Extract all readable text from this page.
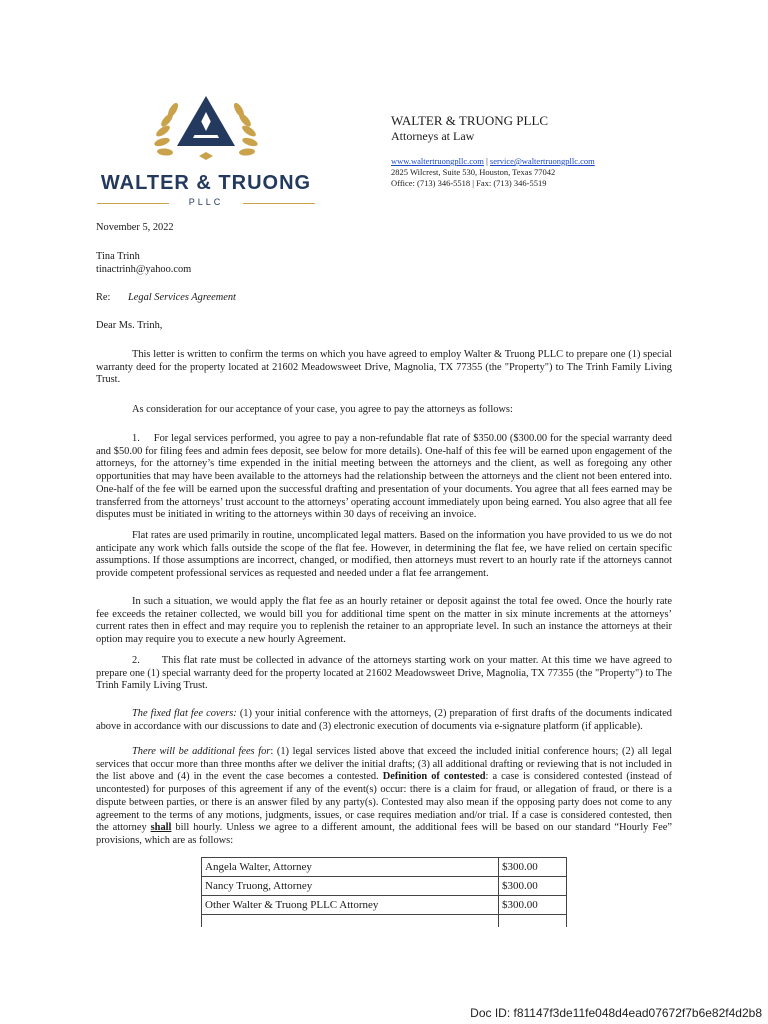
WALTER & TRUONG
PLLC
WALTER & TRUONG PLLC
Attorneys at Law
www.waltertruongpllc.com | service@waltertruongpllc.com
2825 Wilcrest, Suite 530, Houston, Texas 77042
Office: (713) 346-5518 | Fax: (713) 346-5519
November 5, 2022
Tina Trinh
tinactrinh@yahoo.com
Re: Legal Services Agreement
Dear Ms. Trinh,
This letter is written to confirm the terms on which you have agreed to employ Walter & Truong PLLC to prepare one (1) special warranty deed for the property located at 21602 Meadowsweet Drive, Magnolia, TX 77355 (the "Property") to The Trinh Family Living Trust.
As consideration for our acceptance of your case, you agree to pay the attorneys as follows:
1. For legal services performed, you agree to pay a non-refundable flat rate of $350.00 ($300.00 for the special warranty deed and $50.00 for filing fees and admin fees deposit, see below for more details). One-half of this fee will be earned upon engagement of the attorneys, for the attorney’s time expended in the initial meeting between the attorneys and the client, as well as foregoing any other opportunities that may have been available to the attorneys had the relationship between the attorneys and the client not been entered into. One-half of the fee will be earned upon the successful drafting and presentation of your documents. You agree that all fees earned may be transferred from the attorneys’ trust account to the attorneys’ operating account immediately upon being earned. You also agree that all fee disputes must be initiated in writing to the attorneys within 30 days of receiving an invoice.
Flat rates are used primarily in routine, uncomplicated legal matters. Based on the information you have provided to us we do not anticipate any work which falls outside the scope of the flat fee. However, in determining the flat fee, we have relied on certain specific assumptions. If those assumptions are incorrect, changed, or modified, then attorneys must revert to an hourly rate if the attorneys cannot provide competent professional services as requested and needed under a flat fee arrangement.
In such a situation, we would apply the flat fee as an hourly retainer or deposit against the total fee owed. Once the hourly rate fee exceeds the retainer collected, we would bill you for additional time spent on the matter in six minute increments at the attorneys’ current rates then in effect and may require you to replenish the retainer to an appropriate level. In such an instance the attorneys at their option may require you to execute a new hourly Agreement.
2. This flat rate must be collected in advance of the attorneys starting work on your matter. At this time we have agreed to prepare one (1) special warranty deed for the property located at 21602 Meadowsweet Drive, Magnolia, TX 77355 (the "Property") to The Trinh Family Living Trust.
The fixed flat fee covers: (1) your initial conference with the attorneys, (2) preparation of first drafts of the documents indicated above in accordance with our discussions to date and (3) electronic execution of documents via e-signature platform (if applicable).
There will be additional fees for: (1) legal services listed above that exceed the included initial conference hours; (2) all legal services that occur more than three months after we deliver the initial drafts; (3) all additional drafting or reviewing that is not included in the list above and (4) in the event the case becomes a contested. Definition of contested: a case is considered contested (instead of uncontested) for purposes of this agreement if any of the event(s) occur: there is a claim for fraud, or allegation of fraud, or there is a dispute between parties, or there is an answer filed by any party(s). Contested may also mean if the opposing party does not come to any agreement to the terms of any motions, judgments, issues, or case requires mediation and/or trial. If a case is considered contested, then the attorney shall bill hourly. Unless we agree to a different amount, the additional fees will be based on our standard “Hourly Fee” provisions, which are as follows:
Angela Walter, Attorney	$300.00
Nancy Truong, Attorney	$300.00
Other Walter & Truong PLLC Attorney	$300.00

Doc ID: f81147f3de11fe048d4ead07672f7b6e82f4d2b8
